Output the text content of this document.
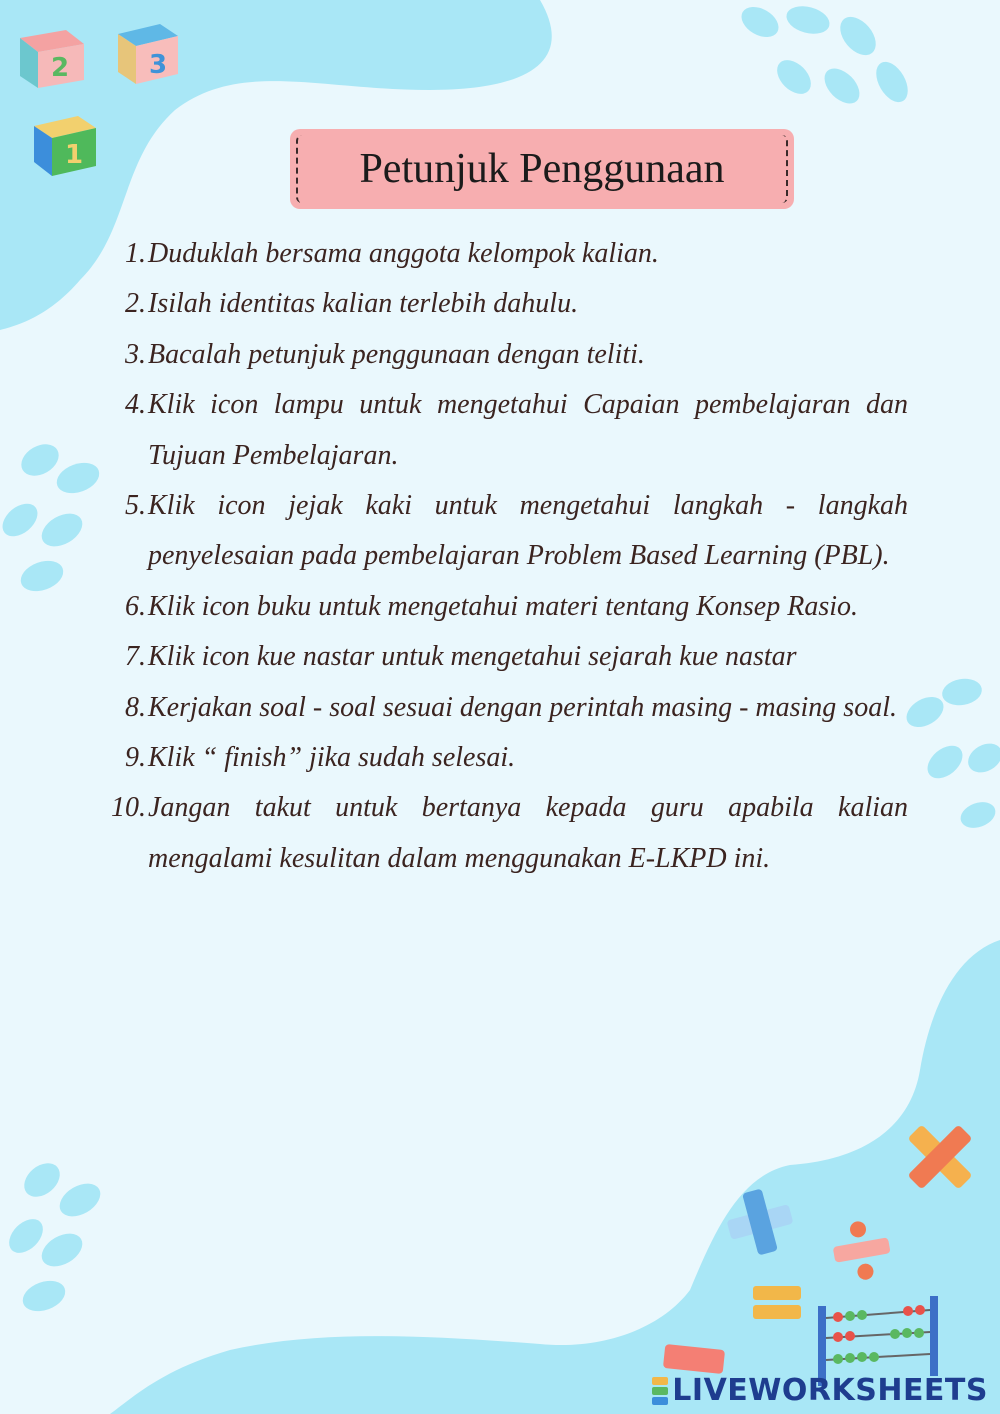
2	3
1	Petunjuk Penggunaan
1. Duduklah bersama anggota kelompok kalian.

2. Isilah identitas kalian terlebih dahulu.

3. Bacalah petunjuk penggunaan dengan teliti.

4. Klik icon lampu untuk mengetahui Capaian pembelajaran dan Tujuan Pembelajaran.

5. Klik icon jejak kaki untuk mengetahui langkah - langkah penyelesaian pada pembelajaran Problem Based Learning (PBL).

6. Klik icon buku untuk mengetahui materi tentang Konsep Rasio.

7. Klik icon kue nastar untuk mengetahui sejarah kue nastar

8. Kerjakan soal - soal sesuai dengan perintah masing - masing soal.

9. Klik “ finish” jika sudah selesai.

10. Jangan takut untuk bertanya kepada guru apabila kalian mengalami kesulitan dalam menggunakan E-LKPD ini.

LIVEWORKSHEETS
